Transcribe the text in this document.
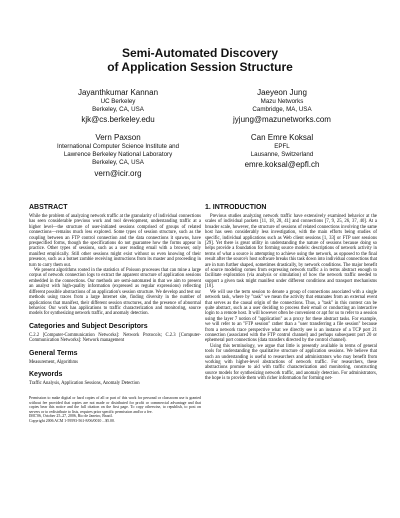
Semi-Automated Discovery
of Application Session Structure
Jayanthkumar Kannan
UC Berkeley
Berkeley, CA, USA
kjk@cs.berkeley.edu
Jaeyeon Jung
Mazu Networks
Cambridge, MA, USA
jyjung@mazunetworks.com
Vern Paxson
International Computer Science Institute and
Lawrence Berkeley National Laboratory
Berkeley, CA, USA
vern@icir.org
Can Emre Koksal
EPFL
Lausanne, Switzerland
emre.koksal@epfl.ch
ABSTRACT

While the problem of analyzing network traffic at the granularity of individual connections has seen considerable previous work and tool development, understanding traffic at a higher level—the structure of user-initiated sessions comprised of groups of related connections—remains much less explored. Some types of session structure, such as the coupling between an FTP control connection and the data connections it spawns, have prespecified forms, though the specifications do not guarantee how the forms appear in practice. Other types of sessions, such as a user reading email with a browser, only manifest empirically. Still other sessions might exist without us even knowing of their presence, such as a botnet zombie receiving instructions from its master and proceeding in turn to carry them out.

We present algorithms rooted in the statistics of Poisson processes that can mine a large corpus of network connection logs to extract the apparent structure of application sessions embedded in the connections. Our methods are semi-automated in that we aim to present an analyst with high-quality information (expressed as regular expressions) reflecting different possible abstractions of an application's session structure. We develop and test our methods using traces from a large Internet site, finding diversity in the number of applications that manifest, their different session structures, and the presence of abnormal behavior. Our work has applications to traffic characterization and monitoring, source models for synthesizing network traffic, and anomaly detection.

Categories and Subject Descriptors

C.2.2 [Computer-Communication Networks]: Network Protocols; C.2.3 [Computer-Communication Networks]: Network management

General Terms

Measurement, Algorithms

Keywords

Traffic Analysis, Application Sessions, Anomaly Detection

Permission to make digital or hard copies of all or part of this work for personal or classroom use is granted without fee provided that copies are not made or distributed for profit or commercial advantage and that copies bear this notice and the full citation on the first page. To copy otherwise, to republish, to post on servers or to redistribute to lists, requires prior specific permission and/or a fee.
IMC'06, October 25–27, 2006, Rio de Janeiro, Brazil.
Copyright 2006 ACM 1-59593-561-8/06/0010 ...$5.00.
1. INTRODUCTION

Previous studies analyzing network traffic have extensively examined behavior at the scales of individual packets [11, 18, 28, 41] and connections [7, 9, 25, 26, 37, 40]. At a broader scale, however, the structure of sessions of related connections involving the same host has seen considerably less investigation, with the main efforts being studies of specific, individual applications such as Web client sessions [1, 33] or FTP user sessions [29]. Yet there is great utility in understanding the nature of sessions because doing so helps provide a foundation for forming source models: descriptions of network activity in terms of what a source is attempting to achieve using the network, as opposed to the final result after the source's host software breaks this task down into individual connections that are in turn further shaped, sometimes drastically, by network conditions. The major benefit of source modeling comes from expressing network traffic a in terms abstract enough to facilitate exploration (via analysis or simulation) of how the network traffic needed to support a given task might manifest under different conditions and transport mechanisms [10].

We will use the term session to denote a group of connections associated with a single network task, where by "task" we mean the activity that emanates from an external event that serves as the causal origin of the connections. Thus, a "task" in this context can be quite abstract, such as a user deciding to process their email or conducting an interactive login to a remote host. It will however often be convenient or apt for us to refer to a session using the layer 7 notion of "application" as a proxy for these abstract tasks. For example, we will refer to an "FTP session" rather than a "user transferring a file session" because from a network trace perspective what we directly see is an instance of a TCP port 21 connection (associated with the FTP control channel) and perhaps subsequent port 20 or ephemeral port connections (data transfers directed by the control channel).

Using this terminology, we argue that little is presently available in terms of general tools for understanding the qualitative structure of application sessions. We believe that such an understanding is useful to researchers and administrators who may benefit from working with higher-level abstractions of network traffic. For researchers, these abstractions promise to aid with traffic characterization and monitoring, constructing source models for synthesizing network traffic, and anomaly detection. For administrators, the hope is to provide them with richer information for forming net-
